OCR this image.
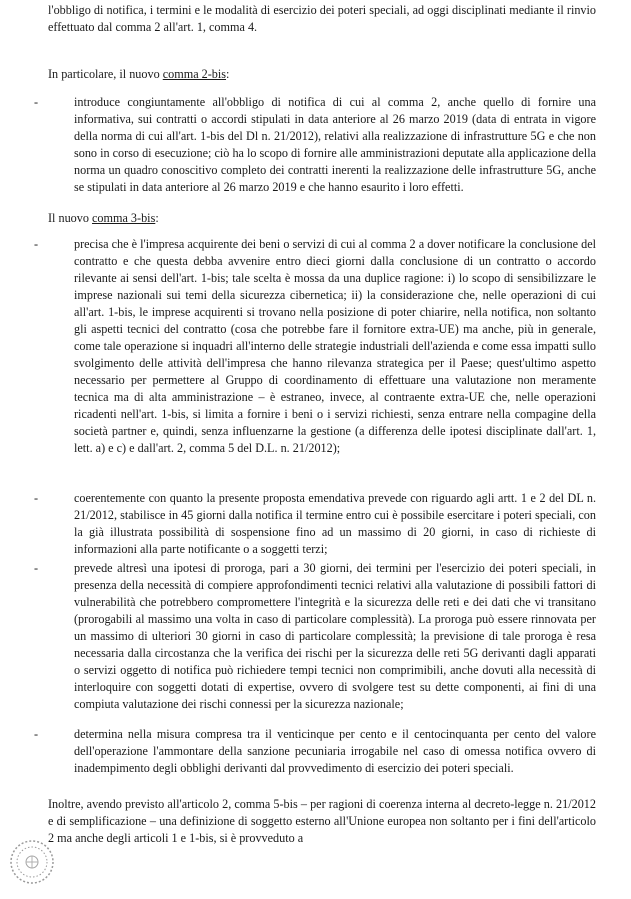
l'obbligo di notifica, i termini e le modalità di esercizio dei poteri speciali, ad oggi disciplinati mediante il rinvio effettuato dal comma 2 all'art. 1, comma 4.

In particolare, il nuovo comma 2-bis:

-	introduce congiuntamente all'obbligo di notifica di cui al comma 2, anche quello di fornire una informativa, sui contratti o accordi stipulati in data anteriore al 26 marzo 2019 (data di entrata in vigore della norma di cui all'art. 1-bis del Dl n. 21/2012), relativi alla realizzazione di infrastrutture 5G e che non sono in corso di esecuzione; ciò ha lo scopo di fornire alle amministrazioni deputate alla applicazione della norma un quadro conoscitivo completo dei contratti inerenti la realizzazione delle infrastrutture 5G, anche se stipulati in data anteriore al 26 marzo 2019 e che hanno esaurito i loro effetti.

Il nuovo comma 3-bis:

-	precisa che è l'impresa acquirente dei beni o servizi di cui al comma 2 a dover notificare la conclusione del contratto e che questa debba avvenire entro dieci giorni dalla conclusione di un contratto o accordo rilevante ai sensi dell'art. 1-bis; tale scelta è mossa da una duplice ragione: i) lo scopo di sensibilizzare le imprese nazionali sui temi della sicurezza cibernetica; ii) la considerazione che, nelle operazioni di cui all'art. 1-bis, le imprese acquirenti si trovano nella posizione di poter chiarire, nella notifica, non soltanto gli aspetti tecnici del contratto (cosa che potrebbe fare il fornitore extra-UE) ma anche, più in generale, come tale operazione si inquadri all'interno delle strategie industriali dell'azienda e come essa impatti sullo svolgimento delle attività dell'impresa che hanno rilevanza strategica per il Paese; quest'ultimo aspetto necessario per permettere al Gruppo di coordinamento di effettuare una valutazione non meramente tecnica ma di alta amministrazione – è estraneo, invece, al contraente extra-UE che, nelle operazioni ricadenti nell'art. 1-bis, si limita a fornire i beni o i servizi richiesti, senza entrare nella compagine della società partner e, quindi, senza influenzarne la gestione (a differenza delle ipotesi disciplinate dall'art. 1, lett. a) e c) e dall'art. 2, comma 5 del D.L. n. 21/2012);

-	coerentemente con quanto la presente proposta emendativa prevede con riguardo agli artt. 1 e 2 del DL n. 21/2012, stabilisce in 45 giorni dalla notifica il termine entro cui è possibile esercitare i poteri speciali, con la già illustrata possibilità di sospensione fino ad un massimo di 20 giorni, in caso di richieste di informazioni alla parte notificante o a soggetti terzi;

-	prevede altresì una ipotesi di proroga, pari a 30 giorni, dei termini per l'esercizio dei poteri speciali, in presenza della necessità di compiere approfondimenti tecnici relativi alla valutazione di possibili fattori di vulnerabilità che potrebbero compromettere l'integrità e la sicurezza delle reti e dei dati che vi transitano (prorogabili al massimo una volta in caso di particolare complessità). La proroga può essere rinnovata per un massimo di ulteriori 30 giorni in caso di particolare complessità; la previsione di tale proroga è resa necessaria dalla circostanza che la verifica dei rischi per la sicurezza delle reti 5G derivanti dagli apparati o servizi oggetto di notifica può richiedere tempi tecnici non comprimibili, anche dovuti alla necessità di interloquire con soggetti dotati di expertise, ovvero di svolgere test su dette componenti, ai fini di una compiuta valutazione dei rischi connessi per la sicurezza nazionale;

-	determina nella misura compresa tra il venticinque per cento e il centocinquanta per cento del valore dell'operazione l'ammontare della sanzione pecuniaria irrogabile nel caso di omessa notifica ovvero di inadempimento degli obblighi derivanti dal provvedimento di esercizio dei poteri speciali.

Inoltre, avendo previsto all'articolo 2, comma 5-bis – per ragioni di coerenza interna al decreto-legge n. 21/2012 e di semplificazione – una definizione di soggetto esterno all'Unione europea non soltanto per i fini dell'articolo 2 ma anche degli articoli 1 e 1-bis, si è provveduto a
